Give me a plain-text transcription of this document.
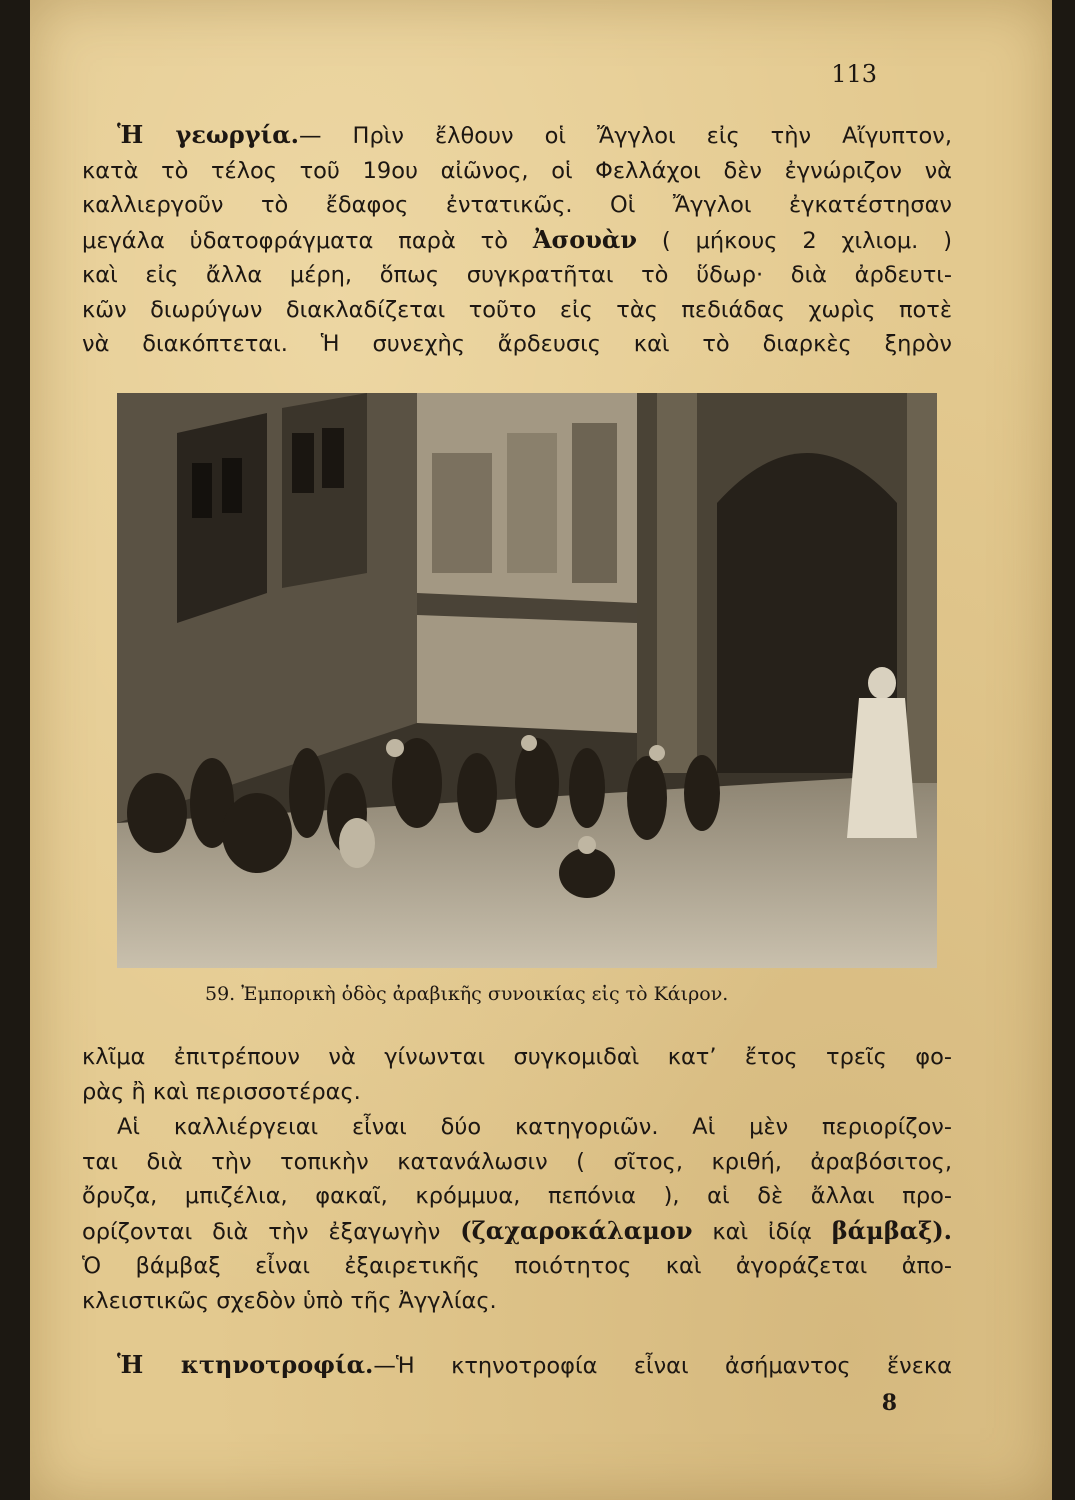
113
Ἡ γεωργία.— Πρὶν ἔλθουν οἱ Ἄγγλοι εἰς τὴν Αἴγυπτον,
κατὰ τὸ τέλος τοῦ 19ου αἰῶνος, οἱ Φελλάχοι δὲν ἐγνώριζον νὰ
καλλιεργοῦν τὸ ἔδαφος ἐντατικῶς. Οἱ Ἄγγλοι ἐγκατέστησαν
μεγάλα ὑδατοφράγματα παρὰ τὸ Ἀσουὰν ( μήκους 2 χιλιομ. )
καὶ εἰς ἄλλα μέρη, ὅπως συγκρατῆται τὸ ὕδωρ· διὰ ἀρδευτι-
κῶν διωρύγων διακλαδίζεται τοῦτο εἰς τὰς πεδιάδας χωρὶς ποτὲ
νὰ διακόπτεται. Ἡ συνεχὴς ἄρδευσις καὶ τὸ διαρκὲς ξηρὸν
59. Ἐμπορικὴ ὁδὸς ἀραβικῆς συνοικίας εἰς τὸ Κάιρον.
κλῖμα ἐπιτρέπουν νὰ γίνωνται συγκομιδαὶ κατ’ ἔτος τρεῖς φο-
ρὰς ἢ καὶ περισσοτέρας.
Αἱ καλλιέργειαι εἶναι δύο κατηγοριῶν. Αἱ μὲν περιορίζον-
ται διὰ τὴν τοπικὴν κατανάλωσιν ( σῖτος, κριθή, ἀραβόσιτος,
ὄρυζα, μπιζέλια, φακαῖ, κρόμμυα, πεπόνια ), αἱ δὲ ἄλλαι προ-
ορίζονται διὰ τὴν ἐξαγωγὴν (ζαχαροκάλαμον καὶ ἰδίᾳ βάμβαξ).
Ὁ βάμβαξ εἶναι ἐξαιρετικῆς ποιότητος καὶ ἀγοράζεται ἀπο-
κλειστικῶς σχεδὸν ὑπὸ τῆς Ἀγγλίας.
Ἡ κτηνοτροφία.—Ἡ κτηνοτροφία εἶναι ἀσήμαντος ἕνεκα
8
